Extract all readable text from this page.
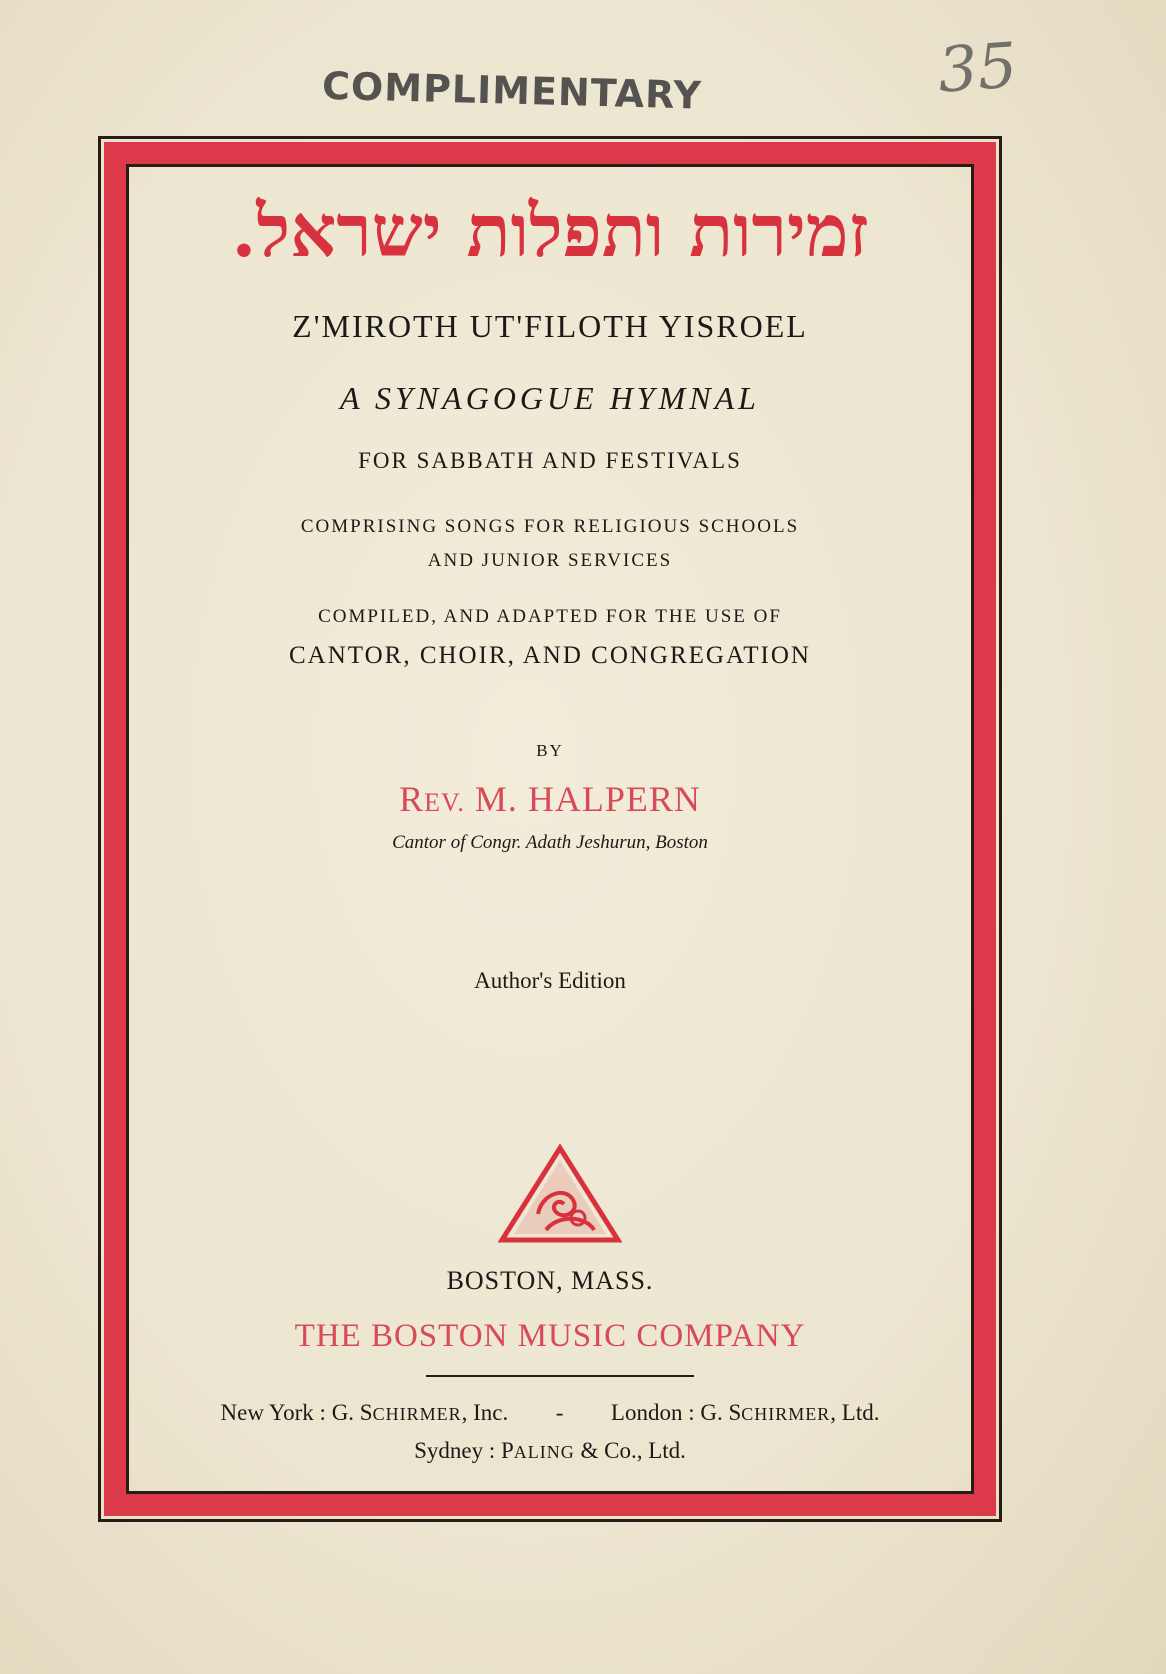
COMPLIMENTARY	35
זמירות ותפלות ישראל.
Z'MIROTH UT'FILOTH YISROEL
A SYNAGOGUE HYMNAL
FOR SABBATH AND FESTIVALS
COMPRISING SONGS FOR RELIGIOUS SCHOOLS
AND JUNIOR SERVICES
COMPILED, AND ADAPTED FOR THE USE OF
CANTOR, CHOIR, AND CONGREGATION
BY
REV. M. HALPERN
Cantor of Congr. Adath Jeshurun, Boston
Author's Edition
BOSTON, MASS.
THE BOSTON MUSIC COMPANY
New York : G. SCHIRMER, Inc. - London : G. SCHIRMER, Ltd.
Sydney : PALING & Co., Ltd.
